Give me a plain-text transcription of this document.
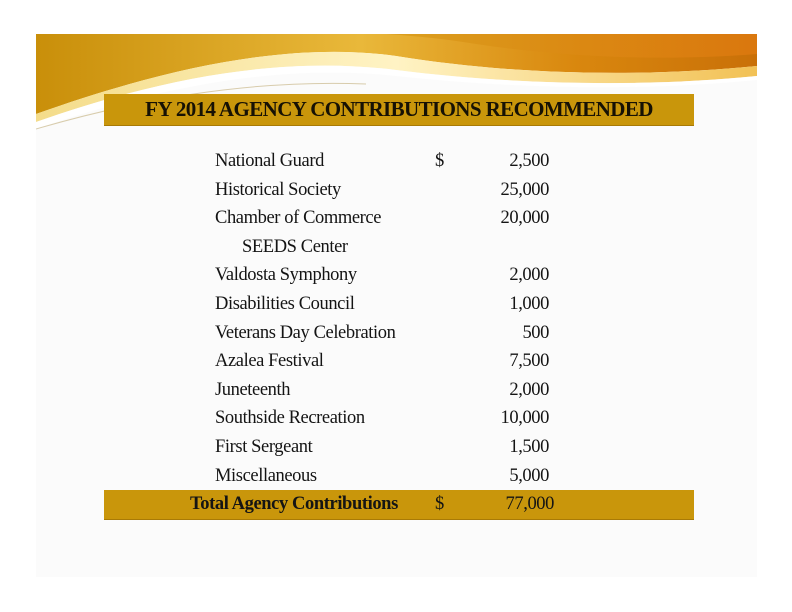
FY 2014 AGENCY CONTRIBUTIONS RECOMMENDED
National Guard	$	2,500
Historical Society	25,000
Chamber of Commerce	20,000
SEEDS Center
Valdosta Symphony	2,000
Disabilities Council	1,000
Veterans Day Celebration	500
Azalea Festival	7,500
Juneteenth	2,000
Southside Recreation	10,000
First Sergeant	1,500
Miscellaneous	5,000
Total Agency Contributions $	77,000
